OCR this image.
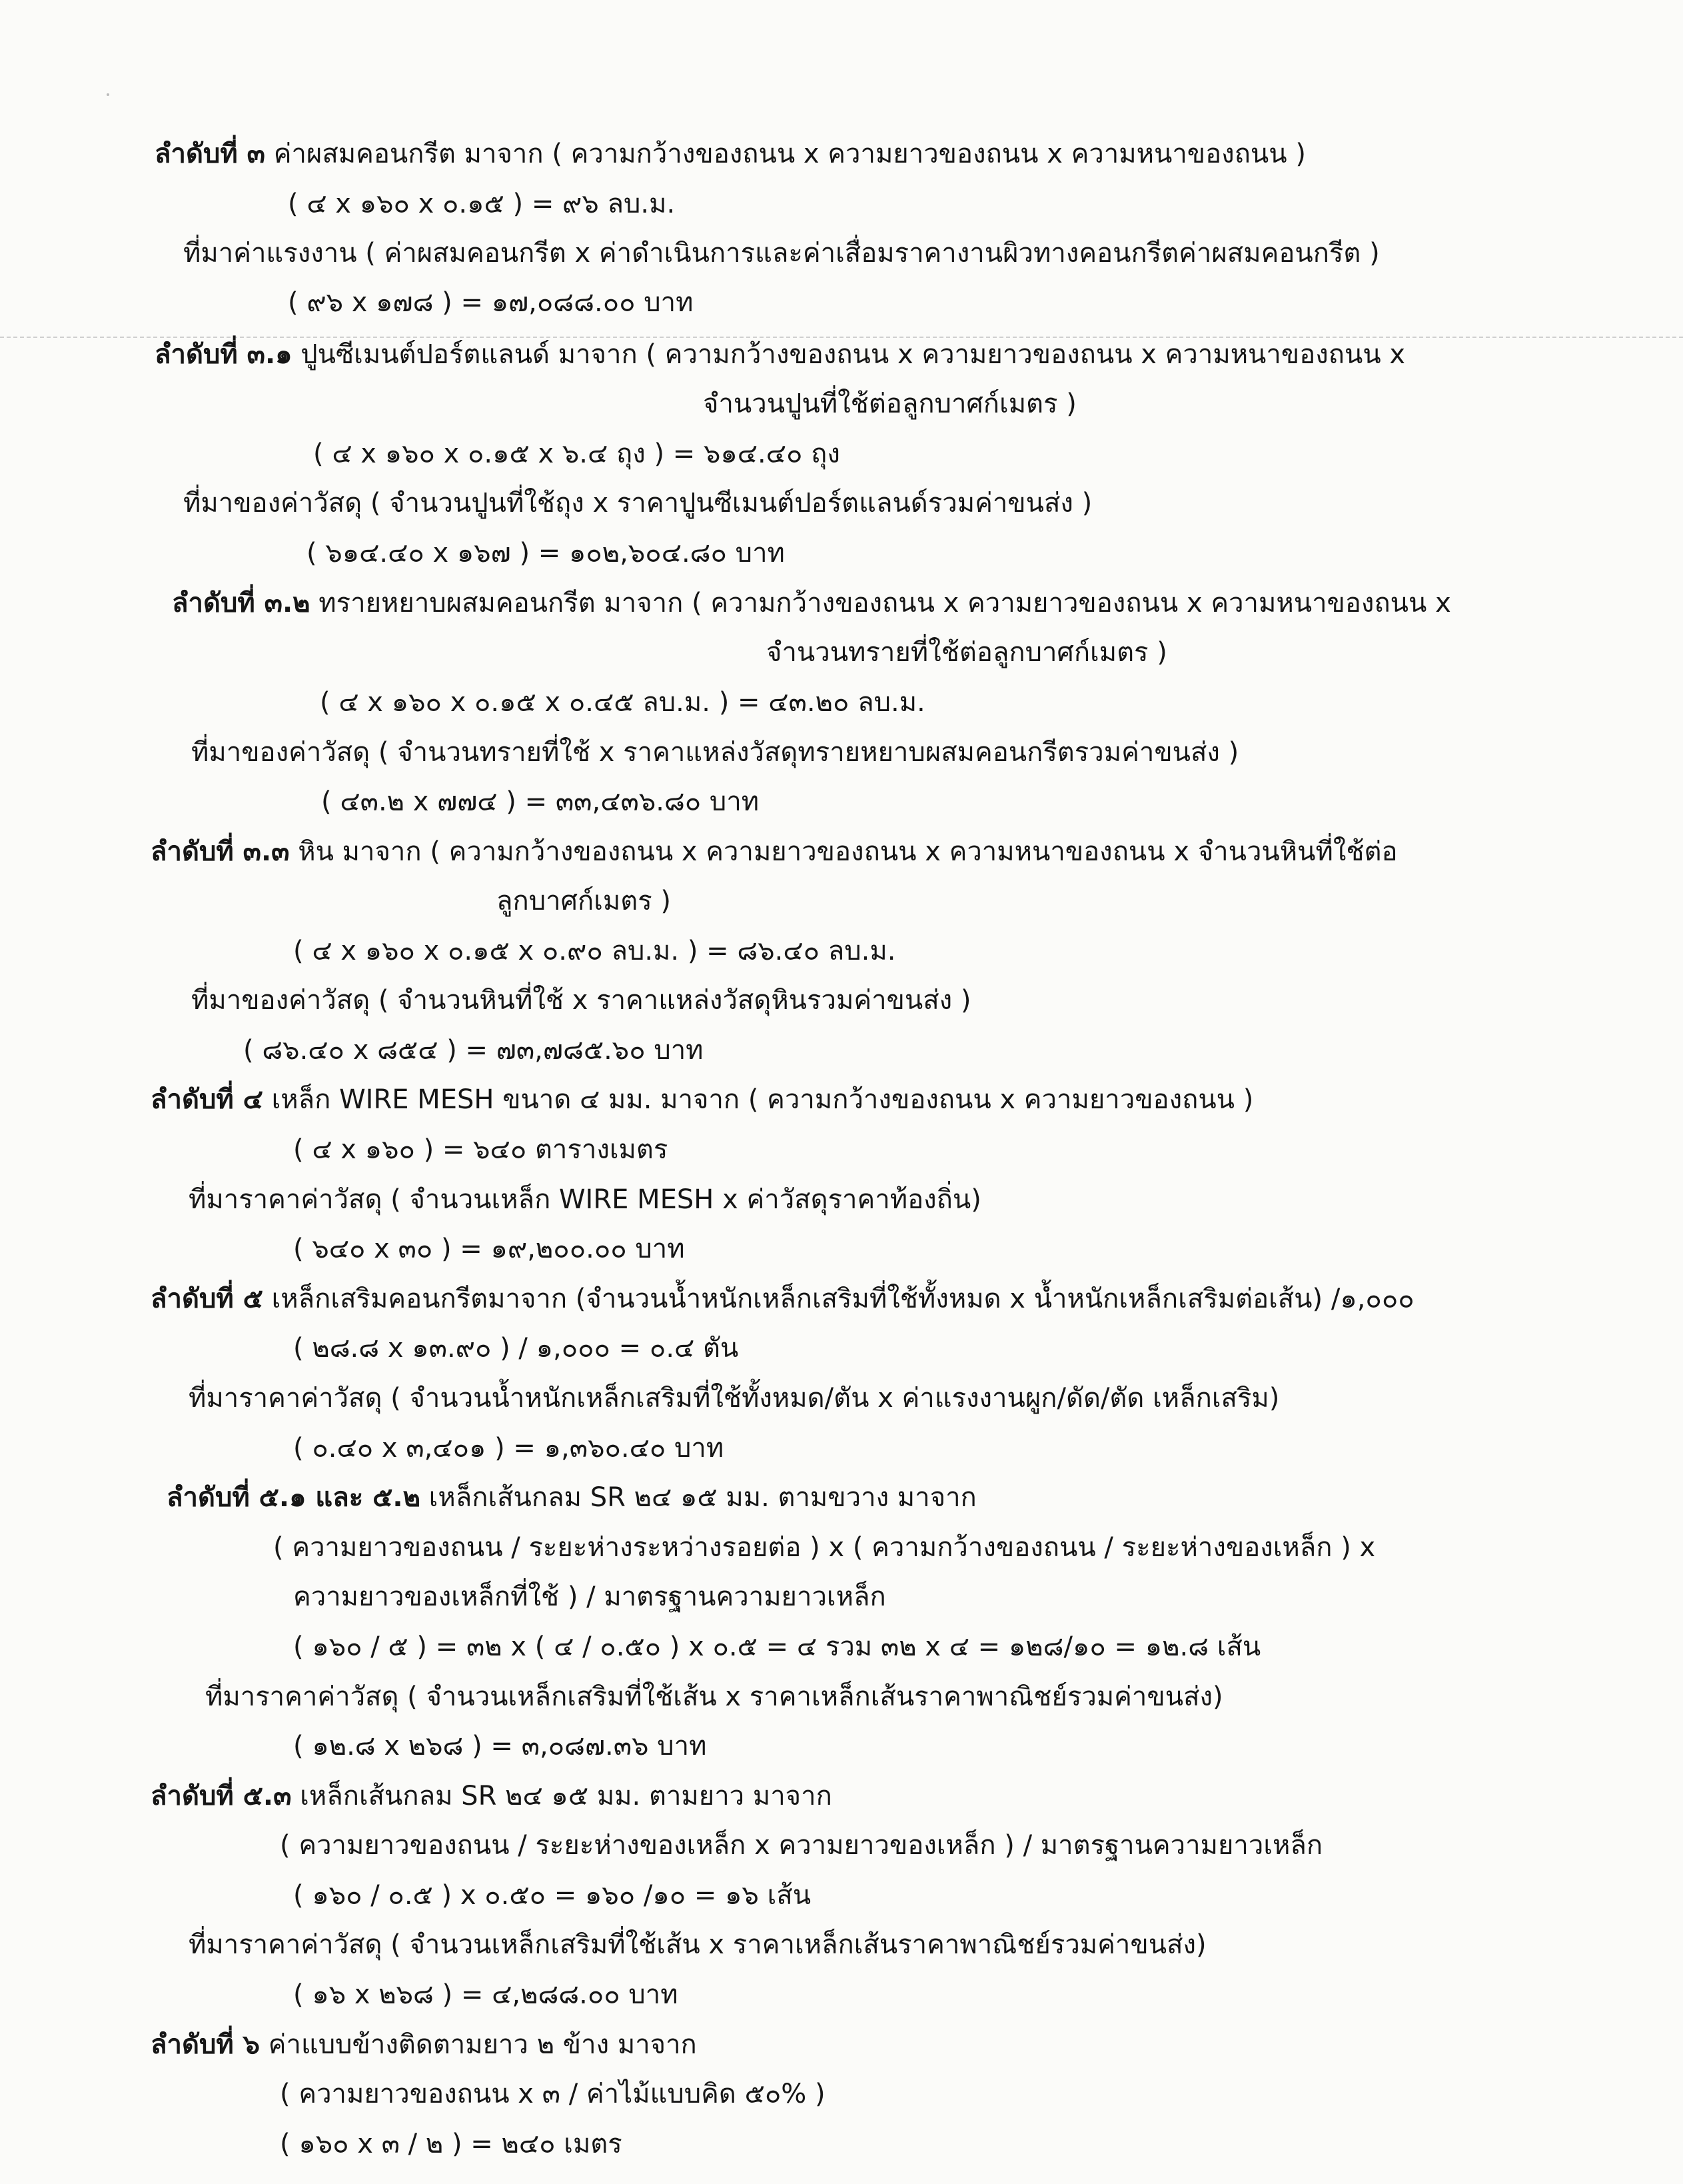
ลำดับที่ ๓ ค่าผสมคอนกรีต มาจาก ( ความกว้างของถนน x ความยาวของถนน x ความหนาของถนน )
( ๔ x ๑๖๐ x ๐.๑๕ ) = ๙๖ ลบ.ม.
ที่มาค่าแรงงาน ( ค่าผสมคอนกรีต x ค่าดำเนินการและค่าเสื่อมราคางานผิวทางคอนกรีตค่าผสมคอนกรีต )
( ๙๖ x ๑๗๘ ) = ๑๗,๐๘๘.๐๐ บาท
ลำดับที่ ๓.๑ ปูนซีเมนต์ปอร์ตแลนด์ มาจาก ( ความกว้างของถนน x ความยาวของถนน x ความหนาของถนน x
จำนวนปูนที่ใช้ต่อลูกบาศก์เมตร )
( ๔ x ๑๖๐ x ๐.๑๕ x ๖.๔ ถุง ) = ๖๑๔.๔๐ ถุง
ที่มาของค่าวัสดุ ( จำนวนปูนที่ใช้ถุง x ราคาปูนซีเมนต์ปอร์ตแลนด์รวมค่าขนส่ง )
( ๖๑๔.๔๐ x ๑๖๗ ) = ๑๐๒,๖๐๔.๘๐ บาท
ลำดับที่ ๓.๒ ทรายหยาบผสมคอนกรีต มาจาก ( ความกว้างของถนน x ความยาวของถนน x ความหนาของถนน x
จำนวนทรายที่ใช้ต่อลูกบาศก์เมตร )
( ๔ x ๑๖๐ x ๐.๑๕ x ๐.๔๕ ลบ.ม. ) = ๔๓.๒๐ ลบ.ม.
ที่มาของค่าวัสดุ ( จำนวนทรายที่ใช้ x ราคาแหล่งวัสดุทรายหยาบผสมคอนกรีตรวมค่าขนส่ง )
( ๔๓.๒ x ๗๗๔ ) = ๓๓,๔๓๖.๘๐ บาท
ลำดับที่ ๓.๓ หิน มาจาก ( ความกว้างของถนน x ความยาวของถนน x ความหนาของถนน x จำนวนหินที่ใช้ต่อ
ลูกบาศก์เมตร )
( ๔ x ๑๖๐ x ๐.๑๕ x ๐.๙๐ ลบ.ม. ) = ๘๖.๔๐ ลบ.ม.
ที่มาของค่าวัสดุ ( จำนวนหินที่ใช้ x ราคาแหล่งวัสดุหินรวมค่าขนส่ง )
( ๘๖.๔๐ x ๘๕๔ ) = ๗๓,๗๘๕.๖๐ บาท
ลำดับที่ ๔ เหล็ก WIRE MESH ขนาด ๔ มม. มาจาก ( ความกว้างของถนน x ความยาวของถนน )
( ๔ x ๑๖๐ ) = ๖๔๐ ตารางเมตร
ที่มาราคาค่าวัสดุ ( จำนวนเหล็ก WIRE MESH x ค่าวัสดุราคาท้องถิ่น)
( ๖๔๐ x ๓๐ ) = ๑๙,๒๐๐.๐๐ บาท
ลำดับที่ ๕ เหล็กเสริมคอนกรีตมาจาก (จำนวนน้ำหนักเหล็กเสริมที่ใช้ทั้งหมด x น้ำหนักเหล็กเสริมต่อเส้น) /๑,๐๐๐
( ๒๘.๘ x ๑๓.๙๐ ) / ๑,๐๐๐ = ๐.๔ ตัน
ที่มาราคาค่าวัสดุ ( จำนวนน้ำหนักเหล็กเสริมที่ใช้ทั้งหมด/ตัน x ค่าแรงงานผูก/ดัด/ตัด เหล็กเสริม)
( ๐.๔๐ x ๓,๔๐๑ ) = ๑,๓๖๐.๔๐ บาท
ลำดับที่ ๕.๑ และ ๕.๒ เหล็กเส้นกลม SR ๒๔ ๑๕ มม. ตามขวาง มาจาก
( ความยาวของถนน / ระยะห่างระหว่างรอยต่อ ) x ( ความกว้างของถนน / ระยะห่างของเหล็ก ) x
ความยาวของเหล็กที่ใช้ ) / มาตรฐานความยาวเหล็ก
( ๑๖๐ / ๕ ) = ๓๒ x ( ๔ / ๐.๕๐ ) x ๐.๕ = ๔ รวม ๓๒ x ๔ = ๑๒๘/๑๐ = ๑๒.๘ เส้น
ที่มาราคาค่าวัสดุ ( จำนวนเหล็กเสริมที่ใช้เส้น x ราคาเหล็กเส้นราคาพาณิชย์รวมค่าขนส่ง)
( ๑๒.๘ x ๒๖๘ ) = ๓,๐๘๗.๓๖ บาท
ลำดับที่ ๕.๓ เหล็กเส้นกลม SR ๒๔ ๑๕ มม. ตามยาว มาจาก
( ความยาวของถนน / ระยะห่างของเหล็ก x ความยาวของเหล็ก ) / มาตรฐานความยาวเหล็ก
( ๑๖๐ / ๐.๕ ) x ๐.๕๐ = ๑๖๐ /๑๐ = ๑๖ เส้น
ที่มาราคาค่าวัสดุ ( จำนวนเหล็กเสริมที่ใช้เส้น x ราคาเหล็กเส้นราคาพาณิชย์รวมค่าขนส่ง)
( ๑๖ x ๒๖๘ ) = ๔,๒๘๘.๐๐ บาท
ลำดับที่ ๖ ค่าแบบข้างติดตามยาว ๒ ข้าง มาจาก
( ความยาวของถนน x ๓ / ค่าไม้แบบคิด ๕๐% )
( ๑๖๐ x ๓ / ๒ ) = ๒๔๐ เมตร
